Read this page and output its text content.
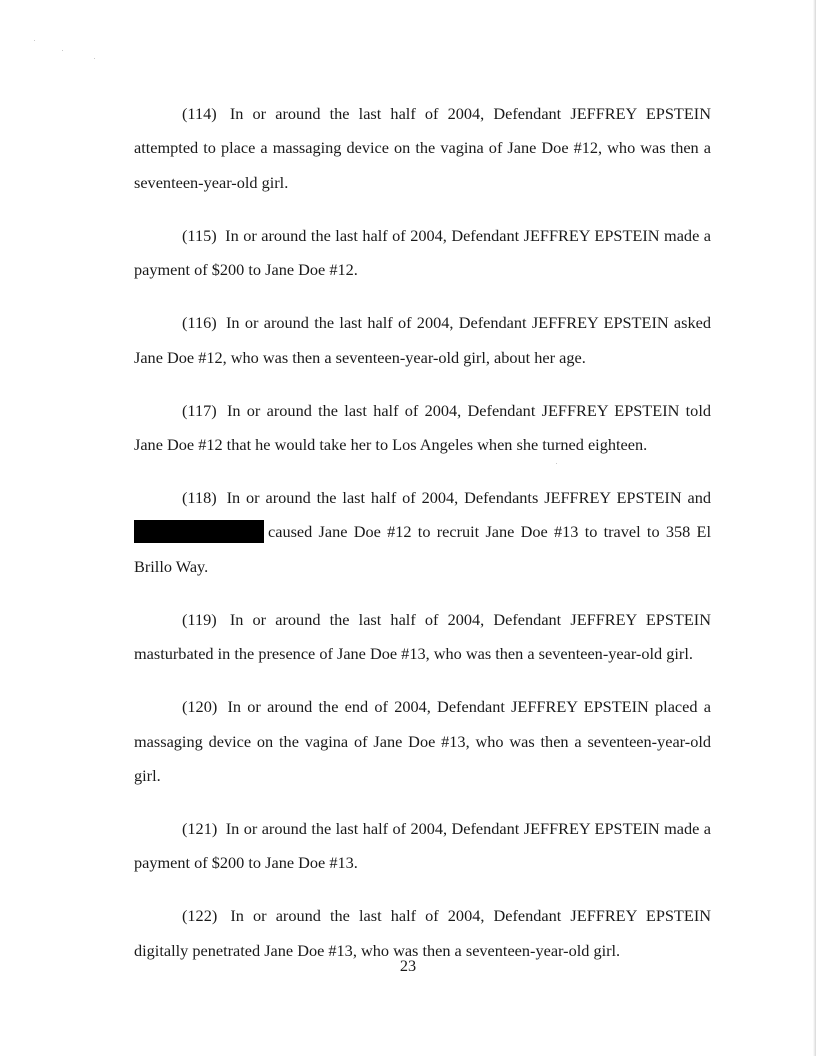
(114) In or around the last half of 2004, Defendant JEFFREY EPSTEIN attempted to place a massaging device on the vagina of Jane Doe #12, who was then a seventeen-year-old girl.

(115) In or around the last half of 2004, Defendant JEFFREY EPSTEIN made a payment of $200 to Jane Doe #12.

(116) In or around the last half of 2004, Defendant JEFFREY EPSTEIN asked Jane Doe #12, who was then a seventeen-year-old girl, about her age.

(117) In or around the last half of 2004, Defendant JEFFREY EPSTEIN told Jane Doe #12 that he would take her to Los Angeles when she turned eighteen.

(118) In or around the last half of 2004, Defendants JEFFREY EPSTEIN and caused Jane Doe #12 to recruit Jane Doe #13 to travel to 358 El Brillo Way.

(119) In or around the last half of 2004, Defendant JEFFREY EPSTEIN masturbated in the presence of Jane Doe #13, who was then a seventeen-year-old girl.

(120) In or around the end of 2004, Defendant JEFFREY EPSTEIN placed a massaging device on the vagina of Jane Doe #13, who was then a seventeen-year-old girl.

(121) In or around the last half of 2004, Defendant JEFFREY EPSTEIN made a payment of $200 to Jane Doe #13.

(122) In or around the last half of 2004, Defendant JEFFREY EPSTEIN digitally penetrated Jane Doe #13, who was then a seventeen-year-old girl.

23
